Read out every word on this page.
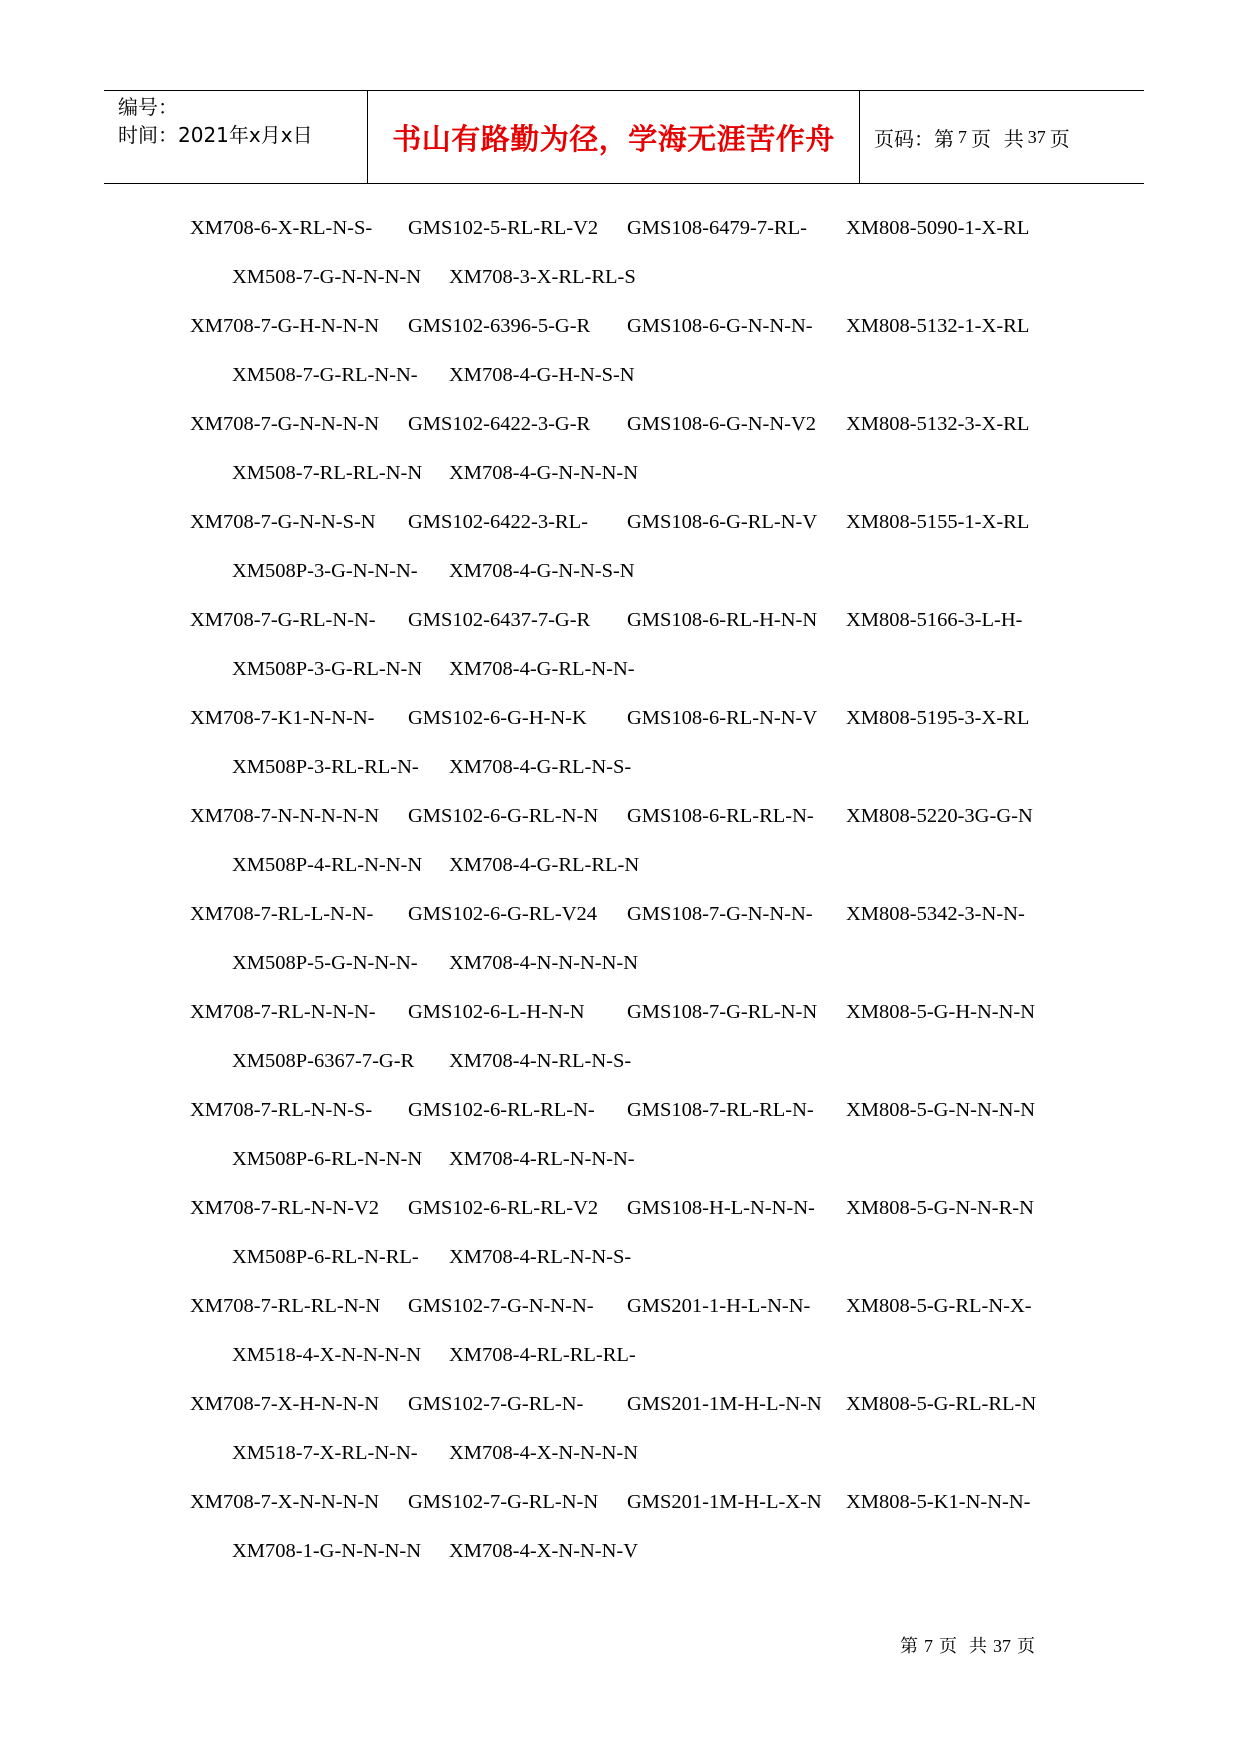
编号：
时间：2021年x月x日	书山有路勤为径，学海无涯苦作舟 页码：第 7 页  共 37 页
XM708-6-X-RL-N-S- GMS102-5-RL-RL-V2 GMS108-6479-7-RL- XM808-5090-1-X-RL
XM508-7-G-N-N-N-N XM708-3-X-RL-RL-S
XM708-7-G-H-N-N-N GMS102-6396-5-G-R GMS108-6-G-N-N-N- XM808-5132-1-X-RL
XM508-7-G-RL-N-N- XM708-4-G-H-N-S-N
XM708-7-G-N-N-N-N GMS102-6422-3-G-R GMS108-6-G-N-N-V2 XM808-5132-3-X-RL
XM508-7-RL-RL-N-N XM708-4-G-N-N-N-N
XM708-7-G-N-N-S-N GMS102-6422-3-RL- GMS108-6-G-RL-N-V XM808-5155-1-X-RL
XM508P-3-G-N-N-N- XM708-4-G-N-N-S-N
XM708-7-G-RL-N-N- GMS102-6437-7-G-R GMS108-6-RL-H-N-N XM808-5166-3-L-H-
XM508P-3-G-RL-N-N XM708-4-G-RL-N-N-
XM708-7-K1-N-N-N- GMS102-6-G-H-N-K GMS108-6-RL-N-N-V XM808-5195-3-X-RL
XM508P-3-RL-RL-N- XM708-4-G-RL-N-S-
XM708-7-N-N-N-N-N GMS102-6-G-RL-N-N GMS108-6-RL-RL-N- XM808-5220-3G-G-N
XM508P-4-RL-N-N-N XM708-4-G-RL-RL-N
XM708-7-RL-L-N-N- GMS102-6-G-RL-V24 GMS108-7-G-N-N-N- XM808-5342-3-N-N-
XM508P-5-G-N-N-N- XM708-4-N-N-N-N-N
XM708-7-RL-N-N-N- GMS102-6-L-H-N-N GMS108-7-G-RL-N-N XM808-5-G-H-N-N-N
XM508P-6367-7-G-R XM708-4-N-RL-N-S-
XM708-7-RL-N-N-S- GMS102-6-RL-RL-N- GMS108-7-RL-RL-N- XM808-5-G-N-N-N-N
XM508P-6-RL-N-N-N XM708-4-RL-N-N-N-
XM708-7-RL-N-N-V2 GMS102-6-RL-RL-V2 GMS108-H-L-N-N-N- XM808-5-G-N-N-R-N
XM508P-6-RL-N-RL- XM708-4-RL-N-N-S-
XM708-7-RL-RL-N-N GMS102-7-G-N-N-N- GMS201-1-H-L-N-N- XM808-5-G-RL-N-X-
XM518-4-X-N-N-N-N XM708-4-RL-RL-RL-
XM708-7-X-H-N-N-N GMS102-7-G-RL-N- GMS201-1M-H-L-N-N XM808-5-G-RL-RL-N
XM518-7-X-RL-N-N- XM708-4-X-N-N-N-N
XM708-7-X-N-N-N-N GMS102-7-G-RL-N-N GMS201-1M-H-L-X-N XM808-5-K1-N-N-N-
XM708-1-G-N-N-N-N XM708-4-X-N-N-N-V
第 7 页 共 37 页
